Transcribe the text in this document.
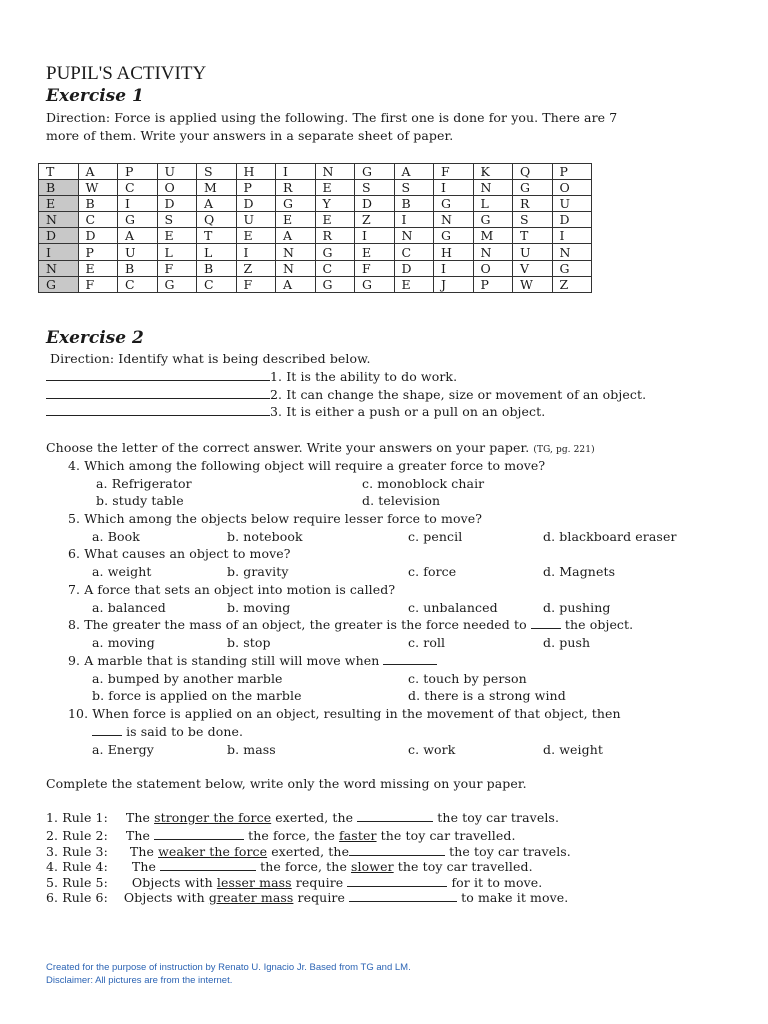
PUPIL'S ACTIVITY
Exercise 1
Direction: Force is applied using the following. The first one is done for you. There are 7
more of them. Write your answers in a separate sheet of paper.
T	A	P	U	S	H	I	N	G	A	F	K	Q	P
B	W	C	O	M	P	R	E	S	S	I	N	G	O
E	B	I	D	A	D	G	Y	D	B	G	L	R	U
N	C	G	S	Q	U	E	E	Z	I	N	G	S	D
D	D	A	E	T	E	A	R	I	N	G	M	T	I
I	P	U	L	L	I	N	G	E	C	H	N	U	N
N	E	B	F	B	Z	N	C	F	D	I	O	V	G
G	F	C	G	C	F	A	G	G	E	J	P	W	Z
Exercise 2
Direction: Identify what is being described below.
1. It is the ability to do work.
2. It can change the shape, size or movement of an object.
3. It is either a push or a pull on an object.
Choose the letter of the correct answer. Write your answers on your paper. (TG, pg. 221)
4. Which among the following object will require a greater force to move?
a. Refrigerator	c. monoblock chair
b. study table	d. television
5. Which among the objects below require lesser force to move?
a. Book	b. notebook	c. pencil	d. blackboard eraser
6. What causes an object to move?
a. weight	b. gravity	c. force	d. Magnets
7. A force that sets an object into motion is called?
a. balanced	b. moving	c. unbalanced	d. pushing
8. The greater the mass of an object, the greater is the force needed to	the object.
a. moving	b. stop	c. roll	d. push
9. A marble that is standing still will move when
a. bumped by another marble	c. touch by person
b. force is applied on the marble	d. there is a strong wind
10. When force is applied on an object, resulting in the movement of that object, then
is said to be done.
a. Energy	b. mass	c. work	d. weight
Complete the statement below, write only the word missing on your paper.
1. Rule 1: The stronger the force exerted, the	the toy car travels.
2. Rule 2: The	the force, the faster the toy car travelled.
3. Rule 3: The weaker the force exerted, the	the toy car travels.
4. Rule 4: The	the force, the slower the toy car travelled.
5. Rule 5: Objects with lesser mass require	for it to move.
6. Rule 6: Objects with greater mass require	to make it move.
Created for the purpose of instruction by Renato U. Ignacio Jr. Based from TG and LM.
Disclaimer: All pictures are from the internet.
